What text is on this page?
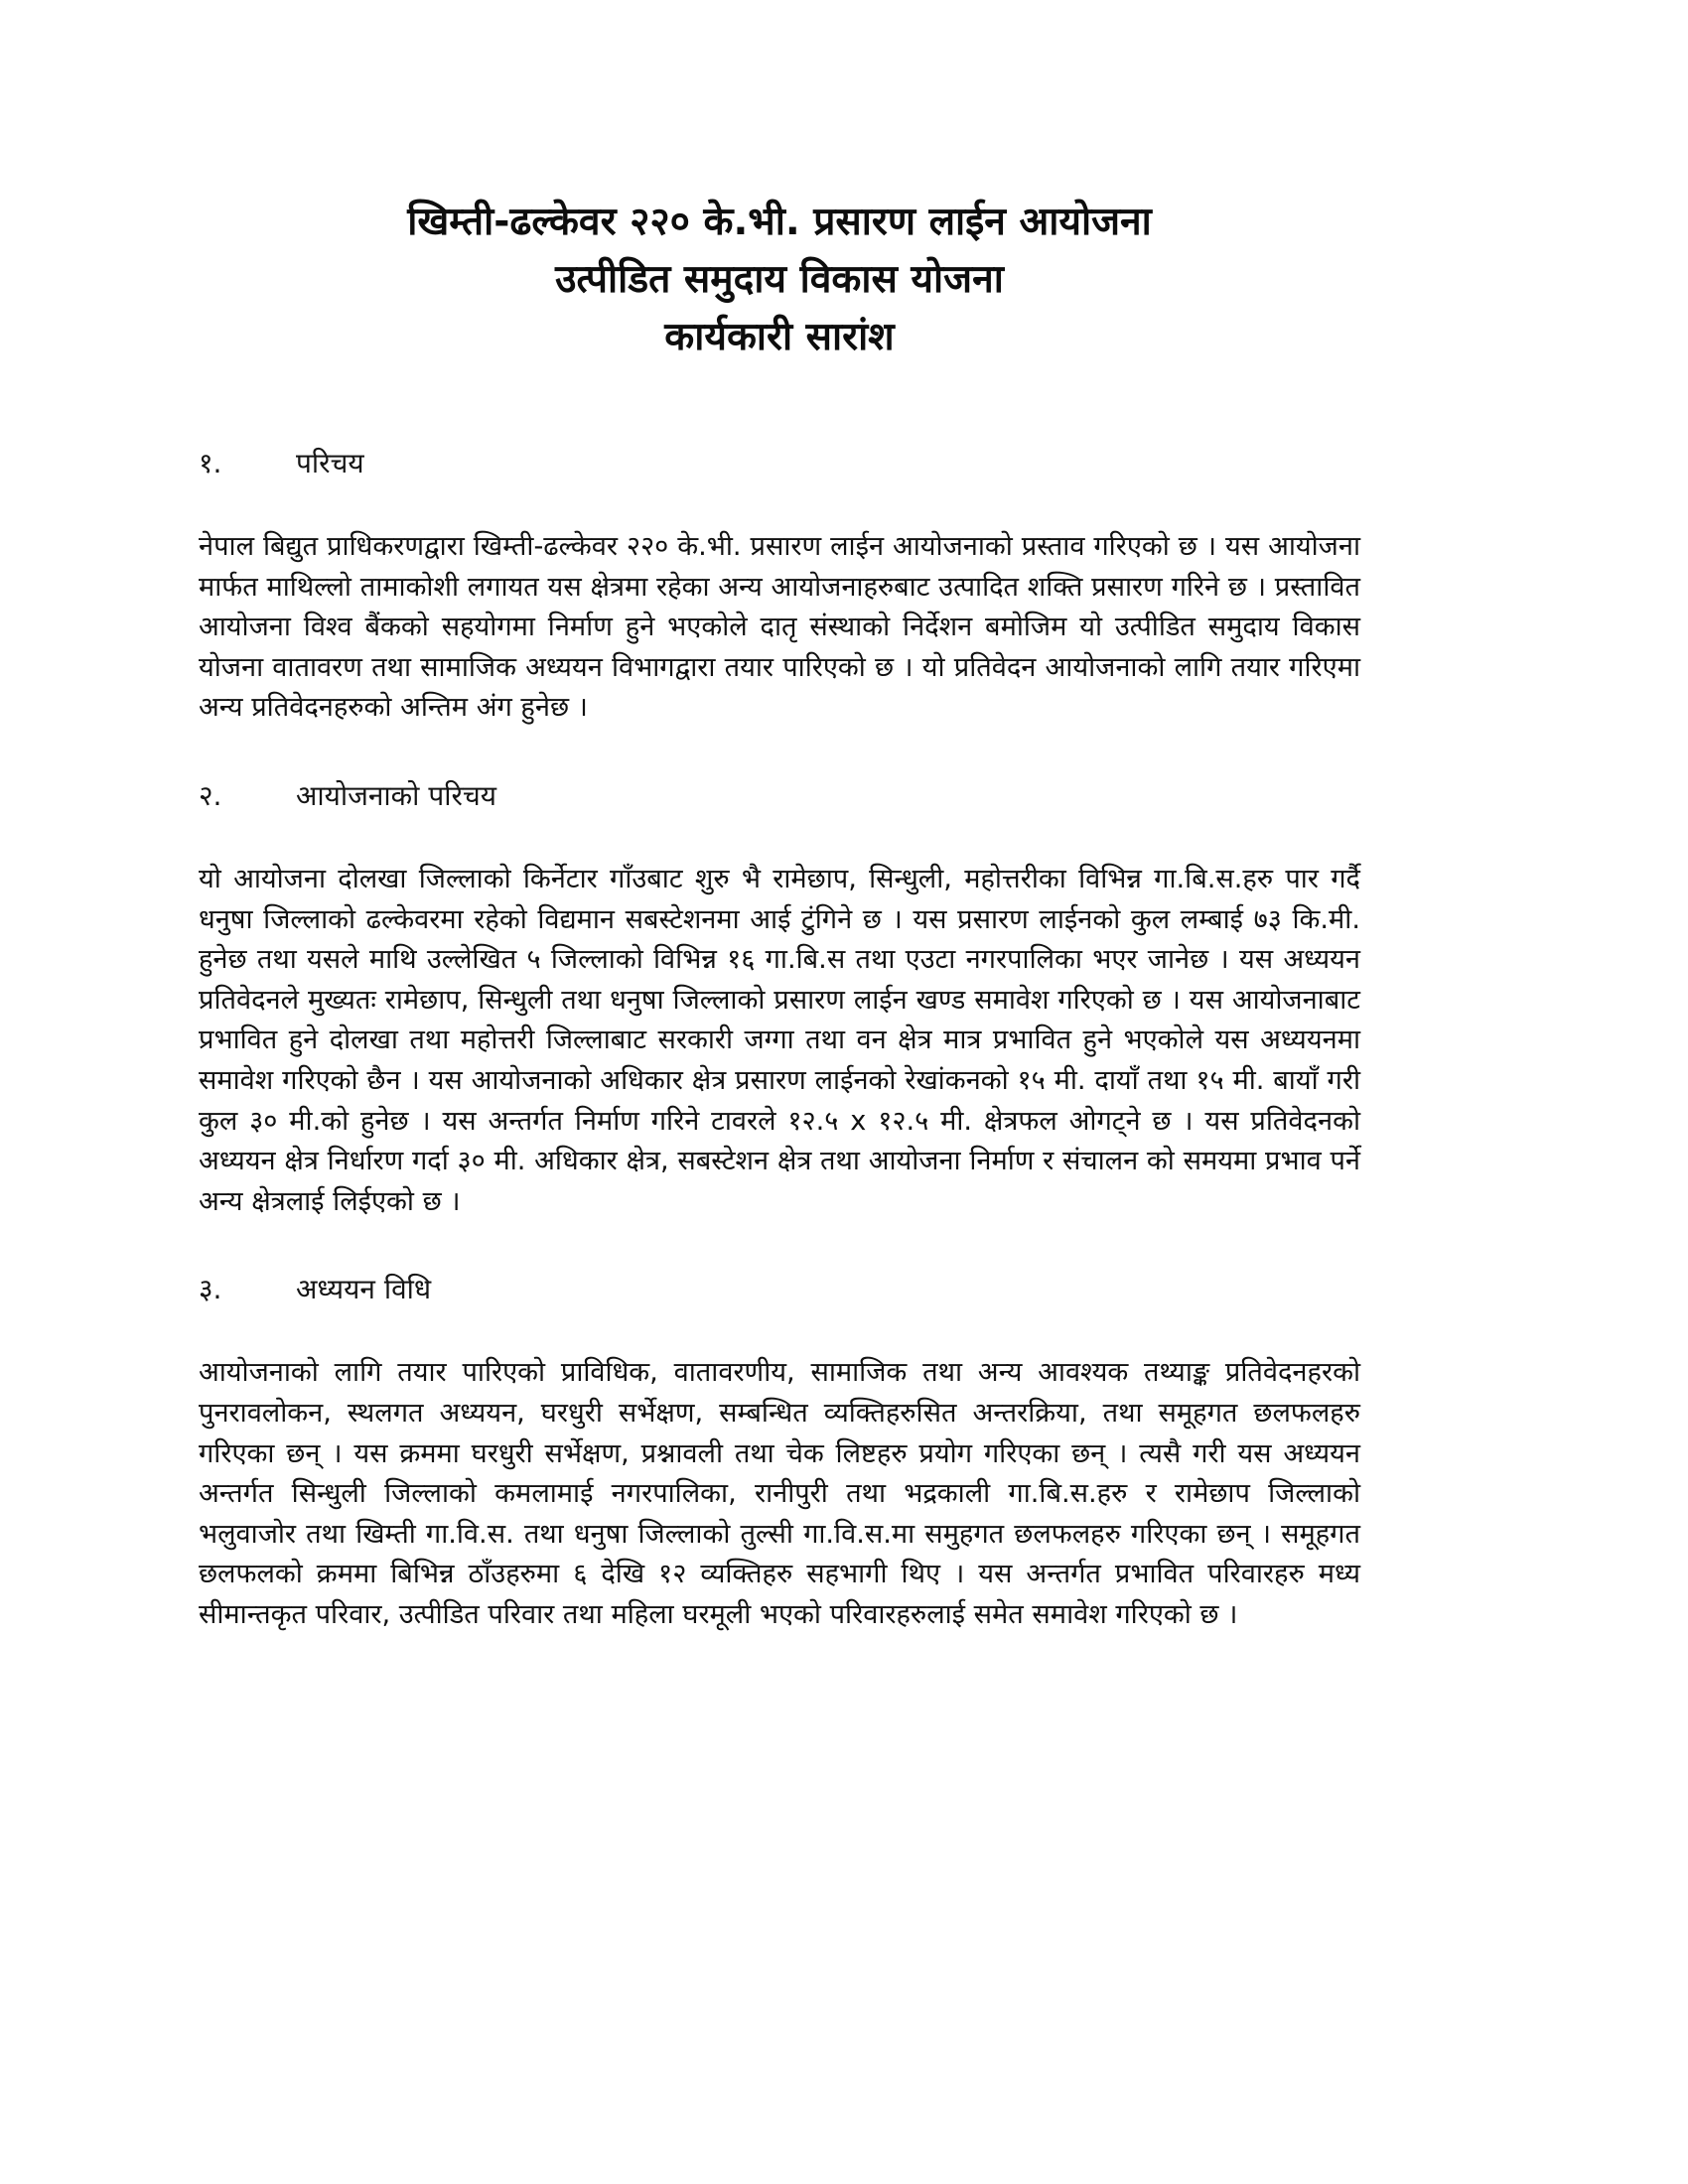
खिम्ती-ढल्केवर २२० के.भी. प्रसारण लाईन आयोजना
उत्पीडित समुदाय विकास योजना
कार्यकारी सारांश
१.	परिचय

नेपाल बिद्युत प्राधिकरणद्वारा खिम्ती-ढल्केवर २२० के.भी. प्रसारण लाईन आयोजनाको प्रस्ताव गरिएको छ । यस आयोजना मार्फत माथिल्लो तामाकोशी लगायत यस क्षेत्रमा रहेका अन्य आयोजनाहरुबाट उत्पादित शक्ति प्रसारण गरिने छ । प्रस्तावित आयोजना विश्व बैंकको सहयोगमा निर्माण हुने भएकोले दातृ संस्थाको निर्देशन बमोजिम यो उत्पीडित समुदाय विकास योजना वातावरण तथा सामाजिक अध्ययन विभागद्वारा तयार पारिएको छ । यो प्रतिवेदन आयोजनाको लागि तयार गरिएमा अन्य प्रतिवेदनहरुको अन्तिम अंग हुनेछ ।

२.	आयोजनाको परिचय

यो आयोजना दोलखा जिल्लाको किर्नेटार गाँउबाट शुरु भै रामेछाप, सिन्धुली, महोत्तरीका विभिन्न गा.बि.स.हरु पार गर्दै धनुषा जिल्लाको ढल्केवरमा रहेको विद्यमान सबस्टेशनमा आई टुंगिने छ । यस प्रसारण लाईनको कुल लम्बाई ७३ कि.मी. हुनेछ तथा यसले माथि उल्लेखित ५ जिल्लाको विभिन्न १६ गा.बि.स तथा एउटा नगरपालिका भएर जानेछ । यस अध्ययन प्रतिवेदनले मुख्यतः रामेछाप, सिन्धुली तथा धनुषा जिल्लाको प्रसारण लाईन खण्ड समावेश गरिएको छ । यस आयोजनाबाट प्रभावित हुने दोलखा तथा महोत्तरी जिल्लाबाट सरकारी जग्गा तथा वन क्षेत्र मात्र प्रभावित हुने भएकोले यस अध्ययनमा समावेश गरिएको छैन । यस आयोजनाको अधिकार क्षेत्र प्रसारण लाईनको रेखांकनको १५ मी. दायाँ तथा १५ मी. बायाँ गरी कुल ३० मी.को हुनेछ । यस अन्तर्गत निर्माण गरिने टावरले १२.५ x १२.५ मी. क्षेत्रफल ओगट्ने छ । यस प्रतिवेदनको अध्ययन क्षेत्र निर्धारण गर्दा ३० मी. अधिकार क्षेत्र, सबस्टेशन क्षेत्र तथा आयोजना निर्माण र संचालन को समयमा प्रभाव पर्ने अन्य क्षेत्रलाई लिईएको छ ।

३.	अध्ययन विधि

आयोजनाको लागि तयार पारिएको प्राविधिक, वातावरणीय, सामाजिक तथा अन्य आवश्यक तथ्याङ्क प्रतिवेदनहरको पुनरावलोकन, स्थलगत अध्ययन, घरधुरी सर्भेक्षण, सम्बन्धित व्यक्तिहरुसित अन्तरक्रिया, तथा समूहगत छलफलहरु गरिएका छन् । यस क्रममा घरधुरी सर्भेक्षण, प्रश्नावली तथा चेक लिष्टहरु प्रयोग गरिएका छन् । त्यसै गरी यस अध्ययन अन्तर्गत सिन्धुली जिल्लाको कमलामाई नगरपालिका, रानीपुरी तथा भद्रकाली गा.बि.स.हरु र रामेछाप जिल्लाको भलुवाजोर तथा खिम्ती गा.वि.स. तथा धनुषा जिल्लाको तुल्सी गा.वि.स.मा समुहगत छलफलहरु गरिएका छन् । समूहगत छलफलको क्रममा बिभिन्न ठाँउहरुमा ६ देखि १२ व्यक्तिहरु सहभागी थिए । यस अन्तर्गत प्रभावित परिवारहरु मध्य सीमान्तकृत परिवार, उत्पीडित परिवार तथा महिला घरमूली भएको परिवारहरुलाई समेत समावेश गरिएको छ ।
